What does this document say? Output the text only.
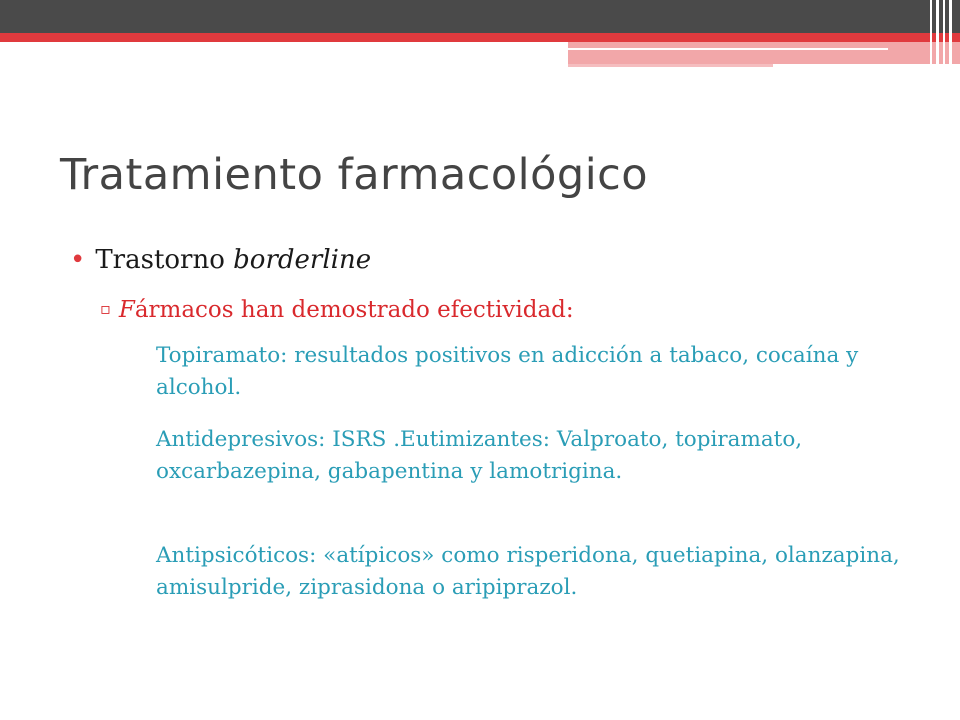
Tratamiento farmacológico

• Trastorno borderline

▫ Fármacos han demostrado efectividad:

Topiramato: resultados positivos en adicción a tabaco, cocaína y alcohol.

Antidepresivos: ISRS .Eutimizantes: Valproato, topiramato, oxcarbazepina, gabapentina y lamotrigina.

Antipsicóticos: «atípicos» como risperidona, quetiapina, olanzapina, amisulpride, ziprasidona o aripiprazol.
